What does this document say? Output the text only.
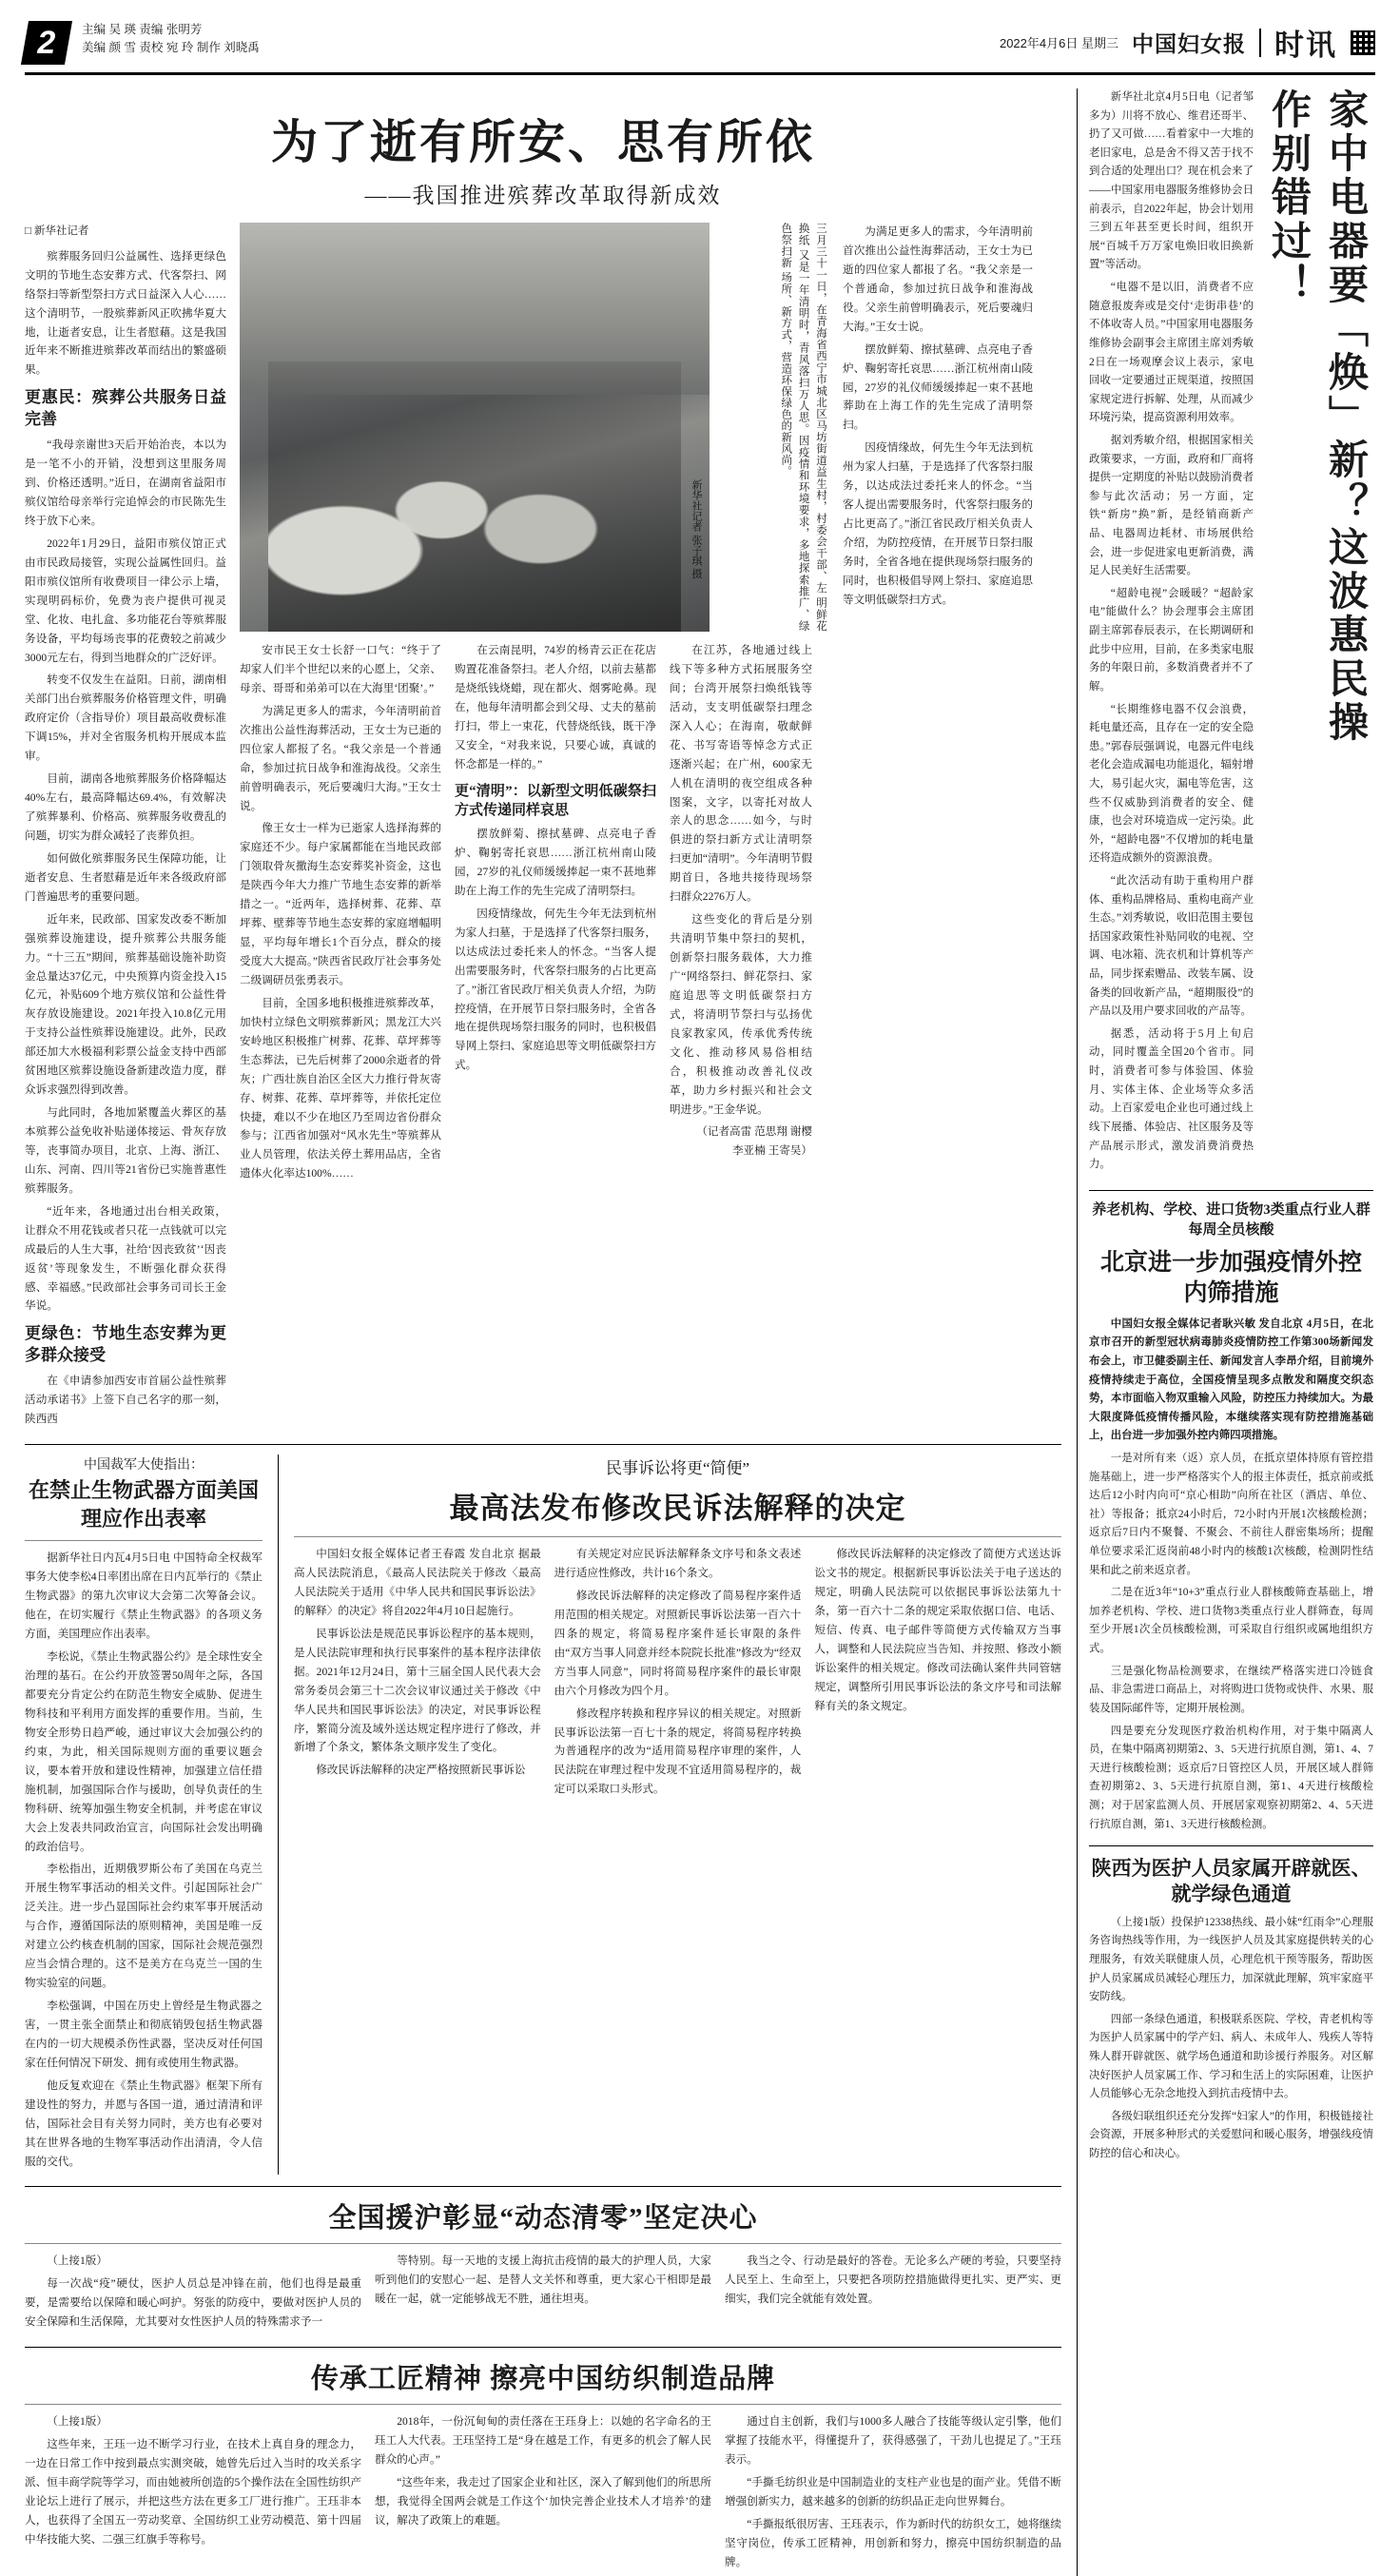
2	主编 吴 瑛 责编 张明芳
美编 颜 雪 责校 宛 玲 制作 刘晓禹	2022年4月6日 星期三 中国妇女报 时讯
为了逝有所安、思有所依
——我国推进殡葬改革取得新成效
□ 新华社记者

殡葬服务回归公益属性、选择更绿色文明的节地生态安葬方式、代客祭扫、网络祭扫等新型祭扫方式日益深入人心……这个清明节，一股殡葬新风正吹拂华夏大地，让逝者安息，让生者慰藉。这是我国近年来不断推进殡葬改革而结出的繁盛硕果。

更惠民：殡葬公共服务日益完善

“我母亲谢世3天后开始治丧，本以为是一笔不小的开销，没想到这里服务周到、价格还透明。”近日，在湖南省益阳市殡仪馆给母亲举行完追悼会的市民陈先生终于放下心来。

2022年1月29日，益阳市殡仪馆正式由市民政局接管，实现公益属性回归。益阳市殡仪馆所有收费项目一律公示上墙，实现明码标价，免费为丧户提供可视灵堂、化妆、电扎盒、多功能花台等殡葬服务设备，平均每场丧事的花费较之前减少3000元左右，得到当地群众的广泛好评。

转变不仅发生在益阳。日前，湖南相关部门出台殡葬服务价格管理文件，明确政府定价（含指导价）项目最高收费标准下调15%，并对全省服务机构开展成本监审。

目前，湖南各地殡葬服务价格降幅达40%左右，最高降幅达69.4%，有效解决了殡葬暴利、价格高、殡葬服务收费乱的问题，切实为群众减轻了丧葬负担。

如何做化殡葬服务民生保障功能，让逝者安息、生者慰藉是近年来各级政府部门普遍思考的重要问题。

近年来，民政部、国家发改委不断加强殡葬设施建设，提升殡葬公共服务能力。“十三五”期间，殡葬基础设施补助资金总量达37亿元，中央预算内资金投入15亿元，补贴609个地方殡仪馆和公益性骨灰存放设施建设。2021年投入10.8亿元用于支持公益性殡葬设施建设。此外，民政部还加大水极福利彩票公益金支持中西部贫困地区殡葬设施设备新建改造力度，群众诉求强烈得到改善。

与此同时，各地加紧覆盖火葬区的基本殡葬公益免收补贴递体接运、骨灰存放等，丧事简办项目，北京、上海、浙江、山东、河南、四川等21省份已实施普惠性殡葬服务。

“近年来，各地通过出台相关政策，让群众不用花钱或者只花一点钱就可以完成最后的人生大事，社给‘因丧致贫’‘因丧返贫’等现象发生，不断强化群众获得感、幸福感。”民政部社会事务司司长王金华说。

更绿色：节地生态安葬为更多群众接受

在《申请参加西安市首届公益性殡葬活动承诺书》上签下自己名字的那一刻，陕西西

新华社记者 张子琪 摄	三月三十一日，在青海省西宁市城北区马坊街道益生村，村委会干部、左 明鲜花换纸 又是一年清明时，青风落扫万人思。因疫情和环境要求，多地探索推广、绿色祭扫新 场所、新方式，营造环保绿色的新风尚。

安市民王女士长舒一口气：“终于了却家人们半个世纪以来的心愿上，父亲、母亲、哥哥和弟弟可以在大海里‘团聚’。”

为满足更多人的需求，今年清明前首次推出公益性海葬活动，王女士为已逝的四位家人都报了名。“我父亲是一个普通命，参加过抗日战争和淮海战役。父亲生前曾明确表示，死后要魂归大海。”王女士说。

像王女士一样为已逝家人选择海葬的家庭还不少。每户家属都能在当地民政部门领取骨灰撒海生态安葬奖补资金，这也是陕西今年大力推广节地生态安葬的新举措之一。“近两年，选择树葬、花葬、草坪葬、壁葬等节地生态安葬的家庭增幅明显，平均每年增长1个百分点，群众的接受度大大提高。”陕西省民政厅社会事务处二级调研员张勇表示。

目前，全国多地积极推进殡葬改革，加快村立绿色文明殡葬新风；黑龙江大兴安岭地区积极推广树葬、花葬、草坪葬等生态葬法，已先后树葬了2000余逝者的骨灰；广西壮族自治区全区大力推行骨灰寄存、树葬、花葬、草坪葬等，并依托定位快捷，难以不少在地区乃至周边省份群众参与；江西省加强对“风水先生”等殡葬从业人员管理，依法关停土葬用品店，全省遗体火化率达100%……

在云南昆明，74岁的杨青云正在花店购置花准备祭扫。老人介绍，以前去墓都是烧纸钱烧蜡，现在都火、烟雾呛鼻。现在，他每年清明都会到父母、丈夫的墓前打扫，带上一束花，代替烧纸钱，既干净又安全，“对我来说，只要心诚，真诚的怀念都是一样的。”

更“清明”：以新型文明低碳祭扫方式传递同样哀思

摆放鲜菊、擦拭墓碑、点亮电子香炉、鞠躬寄托哀思……浙江杭州南山陵园，27岁的礼仪师缓缓捧起一束不甚地葬助在上海工作的先生完成了清明祭扫。

因疫情缘故，何先生今年无法到杭州为家人扫墓，于是选择了代客祭扫服务，以达成法过委托来人的怀念。“当客人提出需要服务时，代客祭扫服务的占比更高了。”浙江省民政厅相关负责人介绍，为防控疫情，在开展节日祭扫服务时，全省各地在提供现场祭扫服务的同时，也积极倡导网上祭扫、家庭追思等文明低碳祭扫方式。

在江苏，各地通过线上线下等多种方式拓展服务空间；台湾开展祭扫焕纸钱等活动，支支明低碳祭扫理念深入人心；在海南，敬献鲜花、书写寄语等悼念方式正逐渐兴起；在广州，600家无人机在清明的夜空组成各种图案，文字，以寄托对故人亲人的思念……如今，与时俱进的祭扫新方式让清明祭扫更加“清明”。今年清明节假期首日，各地共接待现场祭扫群众2276万人。

这些变化的背后是分别共清明节集中祭扫的契机，创新祭扫服务载体，大力推广“网络祭扫、鲜花祭扫、家庭追思等文明低碳祭扫方式，将清明节祭扫与弘扬优良家教家风，传承优秀传统文化、推动移风易俗相结合，积极推动改善礼仪改革，助力乡村振兴和社会文明进步。”王金华说。

（记者高雷 范思翔 谢樱 李亚楠 王寄吴）

为满足更多人的需求，今年清明前首次推出公益性海葬活动，王女士为已逝的四位家人都报了名。“我父亲是一个普通命，参加过抗日战争和淮海战役。父亲生前曾明确表示，死后要魂归大海。”王女士说。

摆放鲜菊、擦拭墓碑、点亮电子香炉、鞠躬寄托哀思……浙江杭州南山陵园，27岁的礼仪师缓缓捧起一束不甚地葬助在上海工作的先生完成了清明祭扫。

因疫情缘故，何先生今年无法到杭州为家人扫墓，于是选择了代客祭扫服务，以达成法过委托来人的怀念。“当客人提出需要服务时，代客祭扫服务的占比更高了。”浙江省民政厅相关负责人介绍，为防控疫情，在开展节日祭扫服务时，全省各地在提供现场祭扫服务的同时，也积极倡导网上祭扫、家庭追思等文明低碳祭扫方式。

中国裁军大使指出：
在禁止生物武器方面美国理应作出表率

据新华社日内瓦4月5日电 中国特命全权裁军事务大使李松4日率团出席在日内瓦举行的《禁止生物武器》的第九次审议大会第二次筹备会议。他在，在切实履行《禁止生物武器》的各项义务方面，美国理应作出表率。

李松说，《禁止生物武器公约》是全球性安全治理的基石。在公约开放签署50周年之际，各国都要充分肯定公约在防范生物安全威胁、促进生物科技和平利用方面发挥的重要作用。当前，生物安全形势日趋严峻，通过审议大会加强公约的约束，为此，相关国际规则方面的重要议题会议，要本着开放和建设性精神，加强建立信任措施机制，加强国际合作与援助，创导负责任的生物科研、统筹加强生物安全机制，并考虑在审议大会上发表共同政治宣言，向国际社会发出明确的政治信号。

李松指出，近期俄罗斯公布了美国在乌克兰开展生物军事活动的相关文件。引起国际社会广泛关注。进一步凸显国际社会约束军事开展活动与合作，遵循国际法的原则精神，美国是唯一反对建立公约核查机制的国家，国际社会规范强烈应当会情合理的。这不是美方在乌克兰一国的生物实验室的问题。

李松强调，中国在历史上曾经是生物武器之害，一贯主张全面禁止和彻底销毁包括生物武器在内的一切大规模杀伤性武器，坚决反对任何国家在任何情况下研发、拥有或使用生物武器。

他反复欢迎在《禁止生物武器》框架下所有建设性的努力，并愿与各国一道，通过清清和评估，国际社会目有关努力同时，美方也有必要对其在世界各地的生物军事活动作出清清，令人信服的交代。

民事诉讼将更“简便”
最高法发布修改民诉法解释的决定

中国妇女报全媒体记者王春霞 发自北京 据最高人民法院消息，《最高人民法院关于修改〈最高人民法院关于适用《中华人民共和国民事诉讼法》的解释〉的决定》将自2022年4月10日起施行。

民事诉讼法是规范民事诉讼程序的基本规则，是人民法院审理和执行民事案件的基本程序法律依据。2021年12月24日，第十三届全国人民代表大会常务委员会第三十二次会议审议通过关于修改《中华人民共和国民事诉讼法》的决定，对民事诉讼程序，繁简分流及域外送达规定程序进行了修改，并新增了个条文，繁体条文顺序发生了变化。

修改民诉法解释的决定严格按照新民事诉讼

有关规定对应民诉法解释条文序号和条文表述进行适应性修改，共计16个条文。

修改民诉法解释的决定修改了简易程序案件适用范围的相关规定。对照新民事诉讼法第一百六十四条的规定，将简易程序案件延长审限的条件由“双方当事人同意并经本院院长批准”修改为“经双方当事人同意”，同时将简易程序案件的最长审限由六个月修改为四个月。

修改程序转换和程序异议的相关规定。对照新民事诉讼法第一百七十条的规定，将简易程序转换为普通程序的改为“适用简易程序审理的案件，人民法院在审理过程中发现不宜适用简易程序的，裁定可以采取口头形式。

修改民诉法解释的决定修改了简便方式送达诉讼文书的规定。根据新民事诉讼法关于电子送达的规定，明确人民法院可以依据民事诉讼法第九十条，第一百六十二条的规定采取依据口信、电话、短信、传真、电子邮件等简便方式传输双方当事人，调整和人民法院应当告知、并按照、修改小额诉讼案件的相关规定。修改司法确认案件共同管辖规定，调整所引用民事诉讼法的条文序号和司法解释有关的条文规定。

全国援沪彰显“动态清零”坚定决心

（上接1版）

每一次战“疫”硬仗，医护人员总是冲锋在前，他们也得是最重要，是需要给以保障和暖心呵护。努张的防疫中，要做对医护人员的安全保障和生活保障，尤其要对女性医护人员的特殊需求予一

等特别。每一天地的支援上海抗击疫情的最大的护理人员，大家听到他们的安慰心一起、是替人文关怀和尊重，更大家心干相即是最暖在一起，就一定能够战无不胜，通往坦夷。

我当之令、行动是最好的答卷。无论多么产硬的考验，只要坚持人民至上、生命至上，只要把各项防控措施做得更扎实、更严实、更细实，我们完全就能有效处置。

传承工匠精神 擦亮中国纺织制造品牌

（上接1版）

这些年来，王珏一边不断学习行业，在技术上真自身的理念力，一边在日常工作中按到最点实测突破，她曾先后过入当时的攻关系字派、恒丰商学院等学习，而由她被所创造的5个操作法在全国性纺织产业论坛上进行了展示，并把这些方法在更多工厂进行推广。王珏非本人，也获得了全国五一劳动奖章、全国纺织工业劳动模范、第十四届中华技能大奖、二强三红旗手等称号。

2018年，一份沉甸甸的责任落在王珏身上：以她的名字命名的王珏工人大代表。王珏坚持工是“身在越是工作，有更多的机会了解人民群众的心声。”

“这些年来，我走过了国家企业和社区，深入了解到他们的所思所想，我觉得全国两会就是工作这个‘加快完善企业技术人才培养’的建议，解决了政策上的难题。

通过自主创新，我们与1000多人融合了技能等级认定引擎，他们掌握了技能水平，得懂提升了，获得感强了，干劲儿也提足了。”王珏表示。

“手撕毛纺织业是中国制造业的支柱产业也是的面产业。凭借不断增强创新实力，越来越多的创新的纺织品正走向世界舞台。

“手撕报纸很厉害、王珏表示，作为新时代的纺织女工，她将继续坚守岗位，传承工匠精神，用创新和努力，擦亮中国纺织制造的品牌。

新华社北京4月5日电（记者邹多为）川将不放心、维君还哥半、扔了又可做……看着家中一大堆的老旧家电，总是舍不得又苦于找不到合适的处理出口？现在机会来了——中国家用电器服务维修协会日前表示，自2022年起，协会计划用三到五年甚至更长时间，组织开展“百城千万万家电焕旧收旧换新置”等活动。

“电器不是以旧，消费者不应随意报废奔或是交付‘走街串巷’的不体收寄人员。”中国家用电器服务维修协会副事会主席团主席刘秀敏2日在一场观摩会议上表示，家电回收一定要通过正规渠道，按照国家规定进行拆解、处理，从而减少环境污染，提高资源利用效率。

据刘秀敏介绍，根据国家相关政策要求，一方面，政府和厂商将提供一定期度的补贴以鼓励消费者参与此次活动；另一方面，定铁“新房”换”新，是经销商新产品、电器周边耗材、市场展供给会，进一步促进家电更新消费，满足人民美好生活需要。

“超龄电视”会暖暖？“超龄家电”能做什么？协会理事会主席团副主席郭春辰表示，在长期调研和此步中应用，目前，在多类家电服务的年限日前，多数消费者并不了解。

“长期维修电器不仅会浪费，耗电量还高，且存在一定的安全隐患。”郭春辰强调说，电器元件电线老化会造成漏电功能退化，辐射增大，易引起火灾，漏电等危害，这些不仅威胁到消费者的安全、健康，也会对环境造成一定污染。此外，“超龄电器”不仅增加的耗电量还将造成额外的资源浪费。

“此次活动有助于重构用户群体、重构品牌格局、重构电商产业生态。”刘秀敏说，收旧范围主要包括国家政策性补贴同收的电视、空调、电冰箱、洗衣机和计算机等产品，同步探索赠品、改装车属、设备类的回收新产品，“超期服役”的产品以及用户要求回收的产品等。

据悉，活动将于5月上旬启动，同时覆盖全国20个省市。同时，消费者可参与体验国、体验月、实体主体、企业场等众多活动。上百家爱电企业也可通过线上线下展播、体验店、社区服务及等产品展示形式，激发消费消费热力。

家中电器要「焕」新？这波惠民操作别错过！
养老机构、学校、进口货物3类重点行业人群每周全员核酸
北京进一步加强疫情外控内筛措施

中国妇女报全媒体记者耿兴敏 发自北京 4月5日，在北京市召开的新型冠状病毒肺炎疫情防控工作第300场新闻发布会上，市卫健委副主任、新闻发言人李昂介绍，目前境外疫情持续走于高位，全国疫情呈现多点散发和隔度交织态势，本市面临入物双重输入风险，防控压力持续加大。为最大限度降低疫情传播风险，本继续落实现有防控措施基础上，出台进一步加强外控内筛四项措施。

一是对所有来（返）京人员，在抵京望体持原有管控措施基础上，进一步严格落实个人的报主体责任，抵京前或抵达后12小时内向可“京心相助”向所在社区（酒店、单位、社）等报备；抵京24小时后，72小时内开展1次核酸检测；返京后7日内不聚餐、不聚会、不前往人群密集场所；提醒单位要求采汇返岗前48小时内的核酸1次核酸，检测阴性结果和此之前来返京者。

二是在近3年“10+3”重点行业人群核酸筛查基础上，增加养老机构、学校、进口货物3类重点行业人群筛查，每周至少开展1次全员核酸检测，可采取自行组织或属地组织方式。

三是强化物品检测要求，在继续严格落实进口冷链食品、非急需进口商品上，对将购进口货物或快件、水果、服装及国际邮件等，定期开展检测。

四是要充分发现医疗救治机构作用，对于集中隔离人员，在集中隔离初期第2、3、5天进行抗原自测，第1、4、7天进行核酸检测；返京后7日管控区人员，开展区域人群筛查初期第2、3、5天进行抗原自测，第1、4天进行核酸检测；对于居家监测人员、开展居家观察初期第2、4、5天进行抗原自测，第1、3天进行核酸检测。

陕西为医护人员家属开辟就医、就学绿色通道

（上接1版）投保护12338热线、最小妹“红雨伞”心理服务咨询热线等作用，为一线医护人员及其家庭提供转关的心理服务，有效关联健康人员，心理危机干预等服务，帮助医护人员家属成员减轻心理压力，加深就此理解，筑牢家庭平安防线。

四部一条绿色通道，积极联系医院、学校，青老机构等为医护人员家属中的学产妇、病人、未成年人、残疾人等特殊人群开辟就医、就学场色通道和助诊援行养服务。对区解决好医护人员家属工作、学习和生活上的实际困难，让医护人员能够心无杂念地投入到抗击疫情中去。

各级妇联组织还充分发挥“妇家人”的作用，积极链接社会资源，开展多种形式的关爱慰问和暖心服务，增强线疫情防控的信心和决心。
